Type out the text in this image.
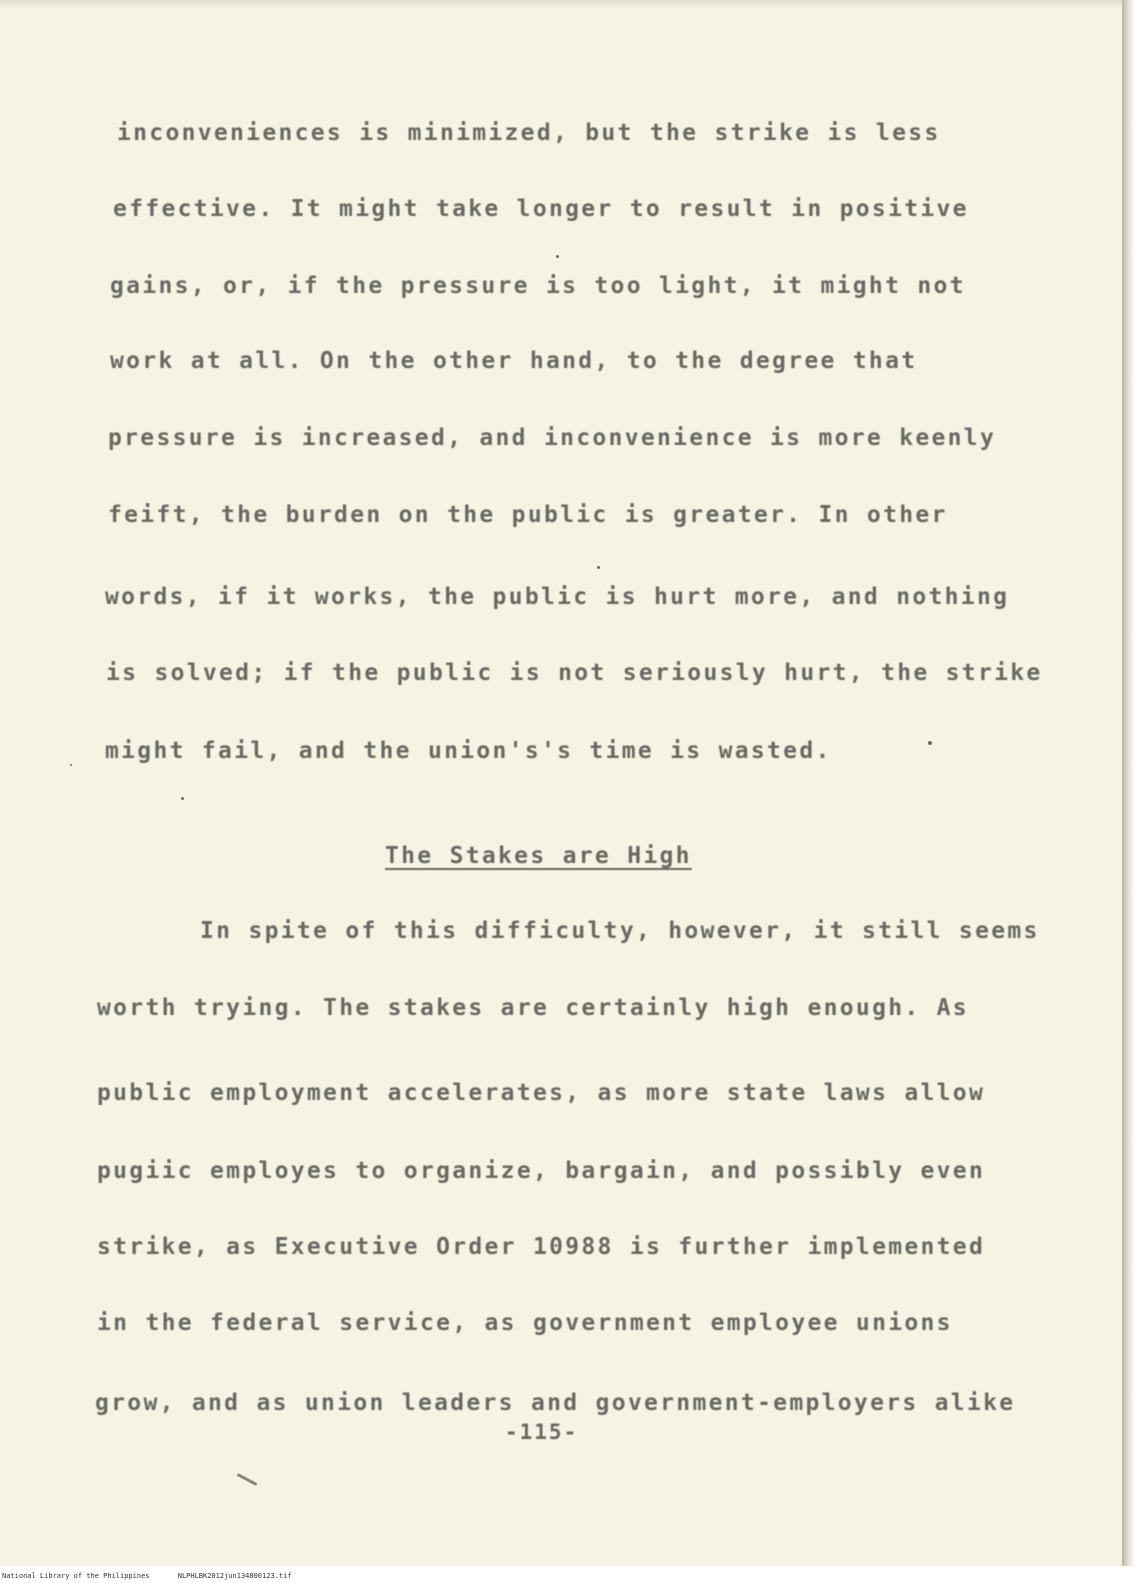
inconveniences is minimized, but the strike is less

effective. It might take longer to result in positive

gains, or, if the pressure is too light, it might not

work at all. On the other hand, to the degree that

pressure is increased, and inconvenience is more keenly

feift, the burden on the public is greater. In other

words, if it works, the public is hurt more, and nothing

is solved; if the public is not seriously hurt, the strike

might fail, and the union's's time is wasted.

The Stakes are High

In spite of this difficulty, however, it still seems

worth trying. The stakes are certainly high enough. As

public employment accelerates, as more state laws allow

pugiic employes to organize, bargain, and possibly even

strike, as Executive Order 10988 is further implemented

in the federal service, as government employee unions

grow, and as union leaders and government-employers alike

-115-
National Library of the Philippines	NLPHLBK2012jun134800123.tif
